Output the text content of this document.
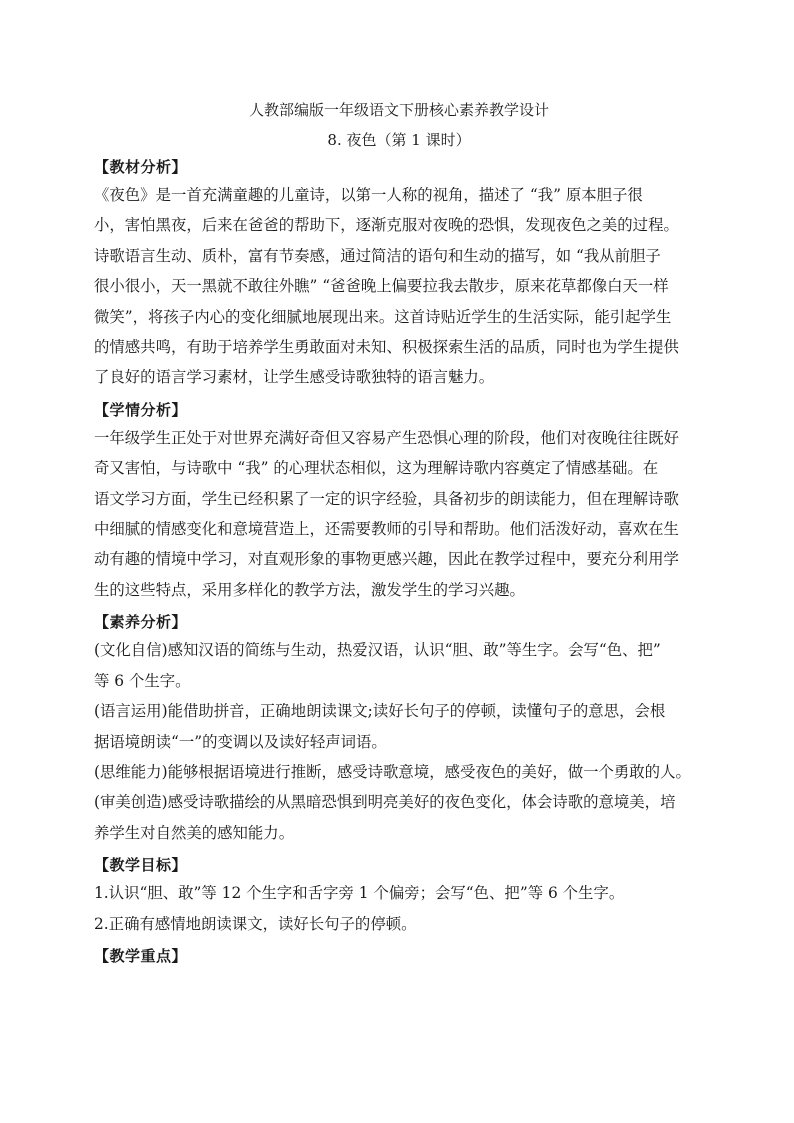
人教部编版一年级语文下册核心素养教学设计

8. 夜色（第 1 课时）

【教材分析】

《夜色》是一首充满童趣的儿童诗，以第一人称的视角，描述了 “我” 原本胆子很

小，害怕黑夜，后来在爸爸的帮助下，逐渐克服对夜晚的恐惧，发现夜色之美的过程。

诗歌语言生动、质朴，富有节奏感，通过简洁的语句和生动的描写，如 “我从前胆子

很小很小，天一黑就不敢往外瞧” “爸爸晚上偏要拉我去散步，原来花草都像白天一样

微笑”，将孩子内心的变化细腻地展现出来。这首诗贴近学生的生活实际，能引起学生

的情感共鸣，有助于培养学生勇敢面对未知、积极探索生活的品质，同时也为学生提供

了良好的语言学习素材，让学生感受诗歌独特的语言魅力。

【学情分析】

一年级学生正处于对世界充满好奇但又容易产生恐惧心理的阶段，他们对夜晚往往既好

奇又害怕，与诗歌中 “我” 的心理状态相似，这为理解诗歌内容奠定了情感基础。在

语文学习方面，学生已经积累了一定的识字经验，具备初步的朗读能力，但在理解诗歌

中细腻的情感变化和意境营造上，还需要教师的引导和帮助。他们活泼好动，喜欢在生

动有趣的情境中学习，对直观形象的事物更感兴趣，因此在教学过程中，要充分利用学

生的这些特点，采用多样化的教学方法，激发学生的学习兴趣。

【素养分析】

(文化自信)感知汉语的简练与生动，热爱汉语，认识“胆、敢”等生字。会写“色、把”

等 6 个生字。

(语言运用)能借助拼音，正确地朗读课文;读好长句子的停顿，读懂句子的意思，会根

据语境朗读“一”的变调以及读好轻声词语。

(思维能力)能够根据语境进行推断，感受诗歌意境，感受夜色的美好，做一个勇敢的人。

(审美创造)感受诗歌描绘的从黑暗恐惧到明亮美好的夜色变化，体会诗歌的意境美，培

养学生对自然美的感知能力。

【教学目标】

1.认识“胆、敢”等 12 个生字和舌字旁 1 个偏旁；会写“色、把”等 6 个生字。

2.正确有感情地朗读课文，读好长句子的停顿。

【教学重点】
